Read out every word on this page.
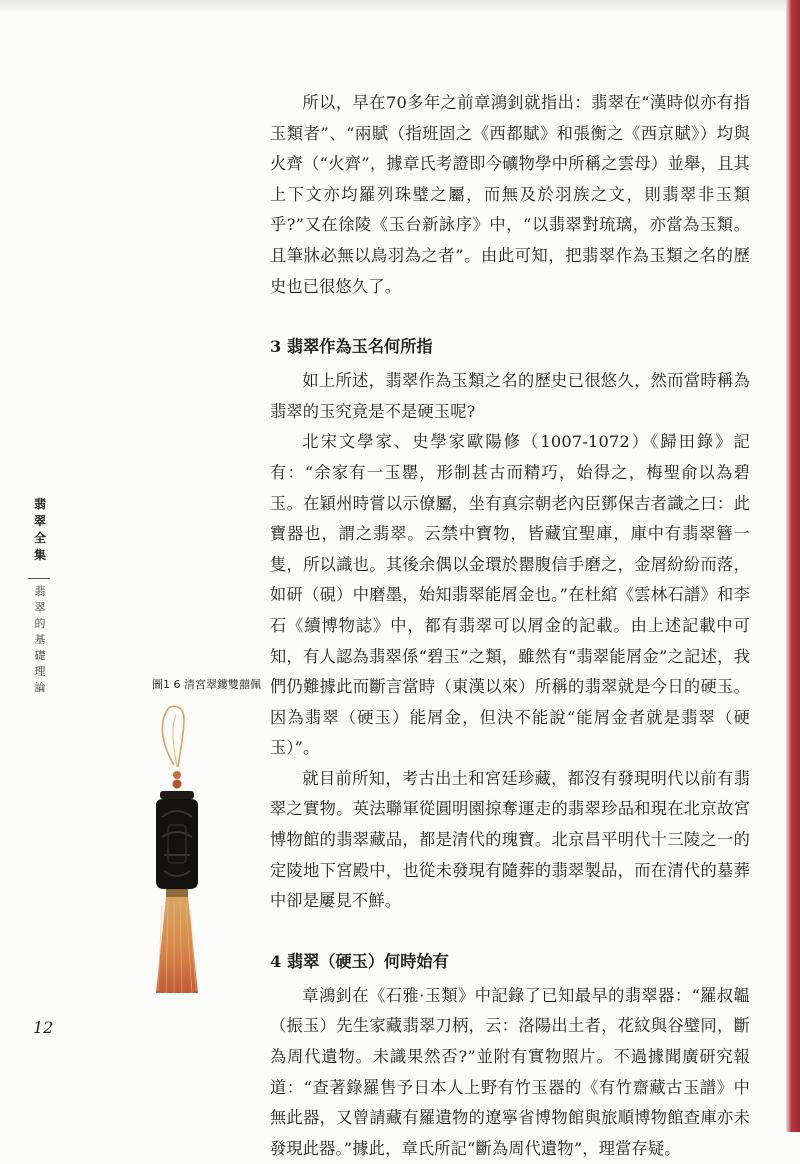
翡翠全集
翡翠的基礎理論	圖1 6 清宮翠鏤雙囍佩

所以，早在70多年之前章鴻釗就指出：翡翠在“漢時似亦有指玉類者”、“兩賦（指班固之《西都賦》和張衡之《西京賦》）均與火齊（“火齊”，據章氏考證即今礦物學中所稱之雲母）並舉，且其上下文亦均羅列珠璧之屬，而無及於羽族之文，則翡翠非玉類乎?”又在徐陵《玉台新詠序》中，“以翡翠對琉璃，亦當為玉類。且筆牀必無以鳥羽為之者”。由此可知，把翡翠作為玉類之名的歷史也已很悠久了。

3 翡翠作為玉名何所指

如上所述，翡翠作為玉類之名的歷史已很悠久，然而當時稱為翡翠的玉究竟是不是硬玉呢?

北宋文學家、史學家歐陽修（1007-1072）《歸田錄》記有：“余家有一玉罌，形制甚古而精巧，始得之，梅聖俞以為碧玉。在穎州時嘗以示僚屬，坐有真宗朝老內臣鄧保吉者識之曰：此寶器也，謂之翡翠。云禁中寶物，皆藏宜聖庫，庫中有翡翠簪一隻，所以識也。其後余偶以金環於罌腹信手磨之，金屑紛紛而落，如研（硯）中磨墨，始知翡翠能屑金也。”在杜綰《雲林石譜》和李石《續博物誌》中，都有翡翠可以屑金的記載。由上述記載中可知，有人認為翡翠係“碧玉”之類，雖然有“翡翠能屑金”之記述，我們仍難據此而斷言當時（東漢以來）所稱的翡翠就是今日的硬玉。因為翡翠（硬玉）能屑金，但決不能說“能屑金者就是翡翠（硬玉）”。

就目前所知，考古出土和宮廷珍藏，都沒有發現明代以前有翡翠之實物。英法聯軍從圓明園掠奪運走的翡翠珍品和現在北京故宮博物館的翡翠藏品，都是清代的瑰寶。北京昌平明代十三陵之一的定陵地下宮殿中，也從未發現有隨葬的翡翠製品，而在清代的墓葬中卻是屢見不鮮。

4 翡翠（硬玉）何時始有

章鴻釗在《石雅·玉類》中記錄了已知最早的翡翠器：“羅叔韞（振玉）先生家藏翡翠刀柄，云：洛陽出土者，花紋與谷璧同，斷為周代遺物。未識果然否?”並附有實物照片。不過據聞廣研究報道：“查著錄羅售予日本人上野有竹玉器的《有竹齋藏古玉譜》中無此器，又曾請藏有羅遺物的遼寧省博物館與旅順博物館查庫亦未發現此器。”據此，章氏所記“斷為周代遺物”，理當存疑。

12
